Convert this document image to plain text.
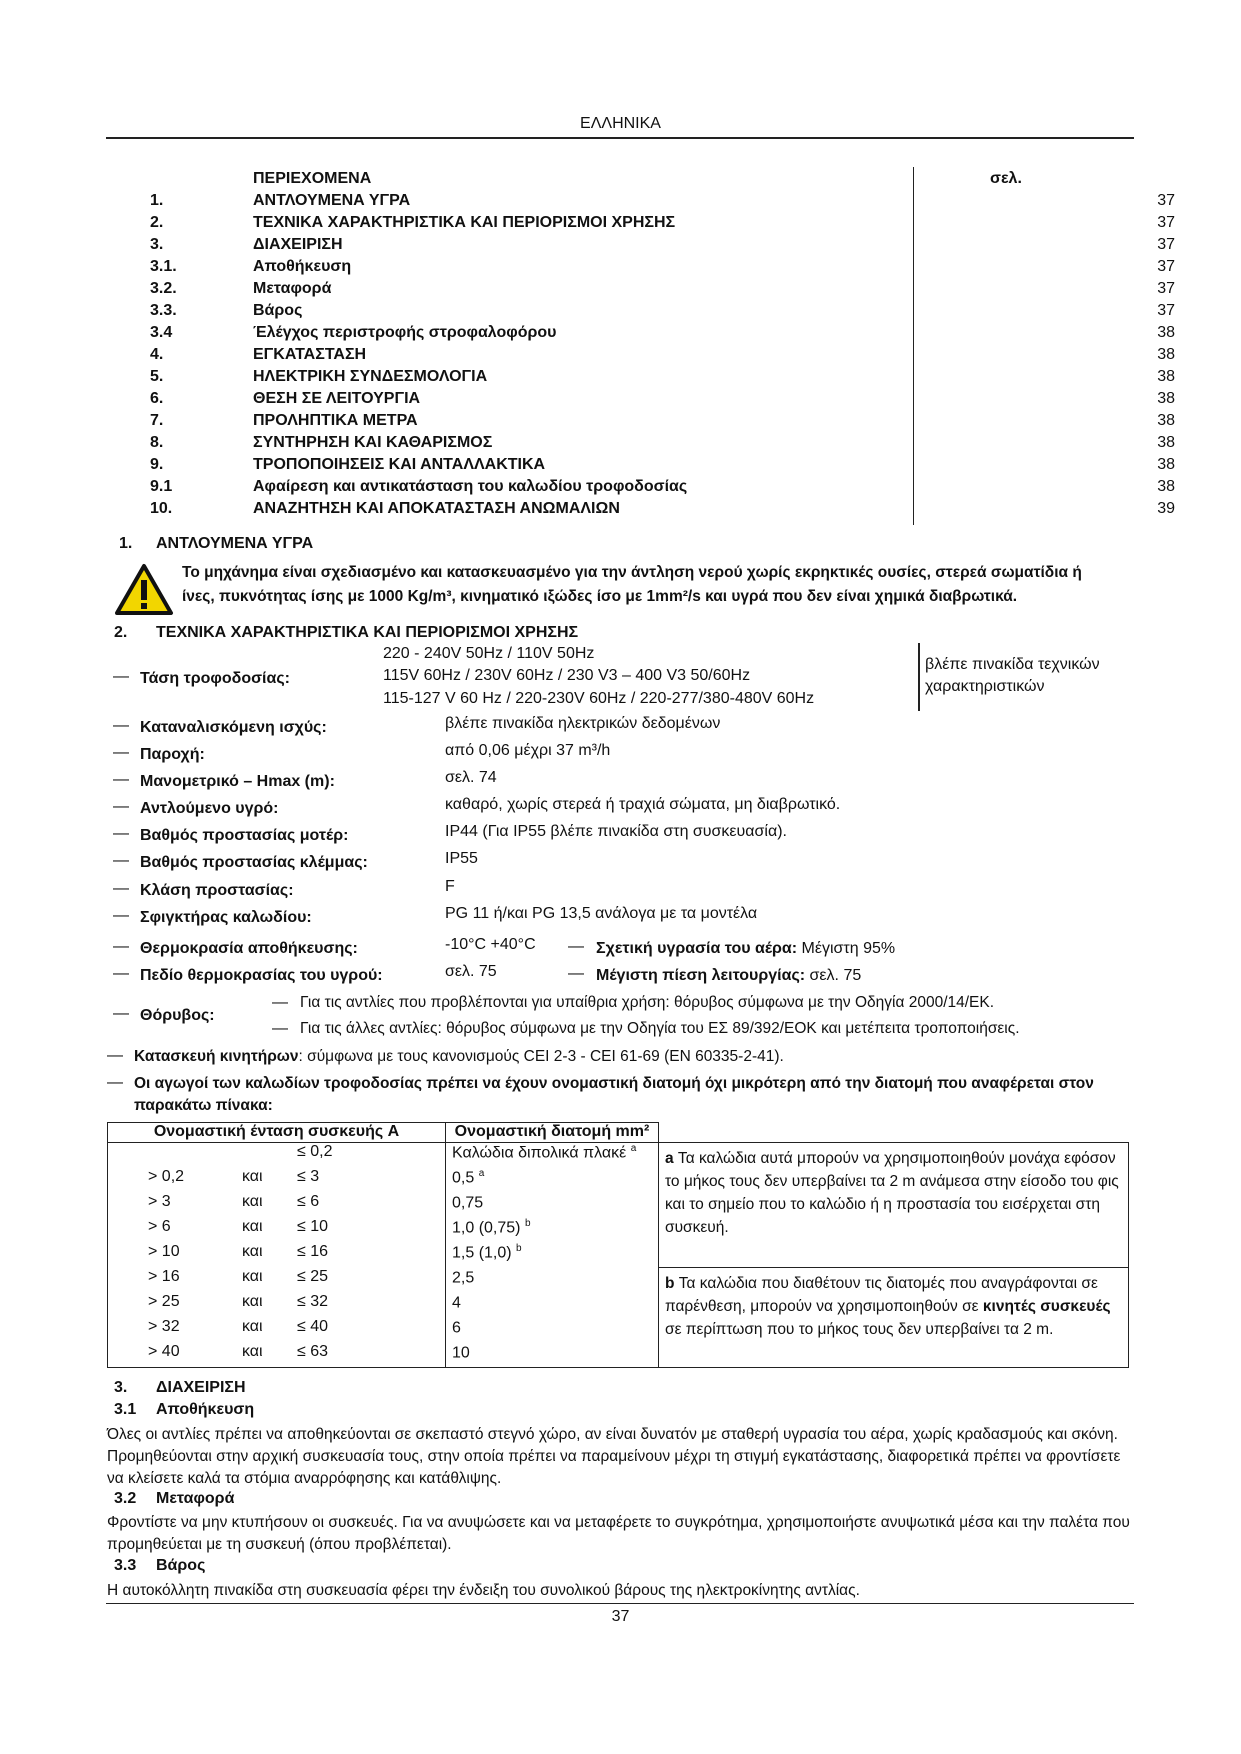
ΕΛΛΗΝΙΚΑ
ΠΕΡΙΕΧΟΜΕΝΑ	σελ.
1.	ΑΝΤΛΟΥΜΕΝΑ ΥΓΡΑ	37
2.	ΤΕΧΝΙΚΑ ΧΑΡΑΚΤΗΡΙΣΤΙΚΑ ΚΑΙ ΠΕΡΙΟΡΙΣΜΟΙ ΧΡΗΣΗΣ	37
3.	ΔΙΑΧΕΙΡΙΣΗ	37
3.1.	Αποθήκευση	37
3.2.	Μεταφορά	37
3.3.	Βάρος	37
3.4	Έλέγχος περιστροφής στροφαλοφόρου	38
4.	ΕΓΚΑΤΑΣΤΑΣΗ	38
5.	ΗΛΕΚΤΡΙΚΗ ΣΥΝΔΕΣΜΟΛΟΓΙΑ	38
6.	ΘΕΣΗ ΣΕ ΛΕΙΤΟΥΡΓΙΑ	38
7.	ΠΡΟΛΗΠΤΙΚΑ ΜΕΤΡΑ	38
8.	ΣΥΝΤΗΡΗΣΗ ΚΑΙ ΚΑΘΑΡΙΣΜΟΣ	38
9.	ΤΡΟΠΟΠΟΙΗΣΕΙΣ ΚΑΙ ΑΝΤΑΛΛΑΚΤΙΚΑ	38
9.1	Αφαίρεση και αντικατάσταση του καλωδίου τροφοδοσίας	38
10.	ΑΝΑΖΗΤΗΣΗ ΚΑΙ ΑΠΟΚΑΤΑΣΤΑΣΗ ΑΝΩΜΑΛΙΩΝ	39
1. ΑΝΤΛΟΥΜΕΝΑ ΥΓΡΑ
Το μηχάνημα είναι σχεδιασμένο και κατασκευασμένο για την άντληση νερού χωρίς εκρηκτικές ουσίες, στερεά σωματίδια ή
ίνες, πυκνότητας ίσης με 1000 Kg/m³, κινηματικό ιξώδες ίσο με 1mm²/s και υγρά που δεν είναι χημικά διαβρωτικά.
2. ΤΕΧΝΙΚΑ ΧΑΡΑΚΤΗΡΙΣΤΙΚΑ ΚΑΙ ΠΕΡΙΟΡΙΣΜΟΙ ΧΡΗΣΗΣ
— Τάση τροφοδοσίας:
220 - 240V 50Hz / 110V 50Hz
115V 60Hz / 230V 60Hz / 230 V3 – 400 V3 50/60Hz
115-127 V 60 Hz / 220-230V 60Hz / 220-277/380-480V 60Hz
βλέπε πινακίδα τεχνικών
χαρακτηριστικών
— Καταναλισκόμενη ισχύς:	βλέπε πινακίδα ηλεκτρικών δεδομένων
— Παροχή:	από 0,06 μέχρι 37 m³/h
— Μανομετρικό – Hmax (m):	σελ. 74
— Αντλούμενο υγρό:	καθαρό, χωρίς στερεά ή τραχιά σώματα, μη διαβρωτικό.
— Βαθμός προστασίας μοτέρ:	IP44 (Για IP55 βλέπε πινακίδα στη συσκευασία).
— Βαθμός προστασίας κλέμμας:	IP55
— Κλάση προστασίας:	F
— Σφιγκτήρας καλωδίου:	PG 11 ή/και PG 13,5 ανάλογα με τα μοντέλα
— Θερμοκρασία αποθήκευσης:	-10°C +40°C — Σχετική υγρασία του αέρα: Μέγιστη 95%
— Πεδίο θερμοκρασίας του υγρού:	σελ. 75	— Μέγιστη πίεση λειτουργίας: σελ. 75
— Θόρυβος:
— Για τις αντλίες που προβλέπονται για υπαίθρια χρήση: θόρυβος σύμφωνα με την Οδηγία 2000/14/ΕΚ.
— Για τις άλλες αντλίες: θόρυβος σύμφωνα με την Οδηγία του ΕΣ 89/392/ΕΟΚ και μετέπειτα τροποποιήσεις.
— Κατασκευή κινητήρων: σύμφωνα με τους κανονισμούς CEI 2-3 - CEI 61-69 (EN 60335-2-41).
— Οι αγωγοί των καλωδίων τροφοδοσίας πρέπει να έχουν ονομαστική διατομή όχι μικρότερη από την διατομή που αναφέρεται στον
παρακάτω πίνακα:
Ονομαστική ένταση συσκευής A	Ονομαστική διατομή mm²	
≤ 0,2	Καλώδια διπολικά πλακέ $^a$	a Τα καλώδια αυτά μπορούν να χρησιμοποιηθούν μονάχα εφόσον το μήκος τους δεν υπερβαίνει τα 2 m ανάμεσα στην είσοδο του φις και το σημείο που το καλώδιο ή η προστασία του εισέρχεται στη συσκευή.
> 0,2 και ≤ 3	0,5 $^a$
> 3 και ≤ 6	0,75	
> 6 και ≤ 10	1,0 (0,75) $^b$
> 10 και ≤ 16	1,5 (1,0) $^b$
> 16 και ≤ 25	2,5	b Τα καλώδια που διαθέτουν τις διατομές που αναγράφονται σε παρένθεση, μπορούν να χρησιμοποιηθούν σε κινητές συσκευές σε περίπτωση που το μήκος τους δεν υπερβαίνει τα 2 m.
> 25 και ≤ 32	4	
> 32 και ≤ 40	6	
> 40 και ≤ 63	10	
3. ΔΙΑΧΕΙΡΙΣΗ
3.1 Αποθήκευση
Όλες οι αντλίες πρέπει να αποθηκεύονται σε σκεπαστό στεγνό χώρο, αν είναι δυνατόν με σταθερή υγρασία του αέρα, χωρίς κραδασμούς και σκόνη. Προμηθεύονται στην αρχική συσκευασία τους, στην οποία πρέπει να παραμείνουν μέχρι τη στιγμή εγκατάστασης, διαφορετικά πρέπει να φροντίσετε να κλείσετε καλά τα στόμια αναρρόφησης και κατάθλιψης.
3.2 Μεταφορά
Φροντίστε να μην κτυπήσουν οι συσκευές. Για να ανυψώσετε και να μεταφέρετε το συγκρότημα, χρησιμοποιήστε ανυψωτικά μέσα και την παλέτα που προμηθεύεται με τη συσκευή (όπου προβλέπεται).
3.3 Βάρος
Η αυτοκόλλητη πινακίδα στη συσκευασία φέρει την ένδειξη του συνολικού βάρους της ηλεκτροκίνητης αντλίας.
37
